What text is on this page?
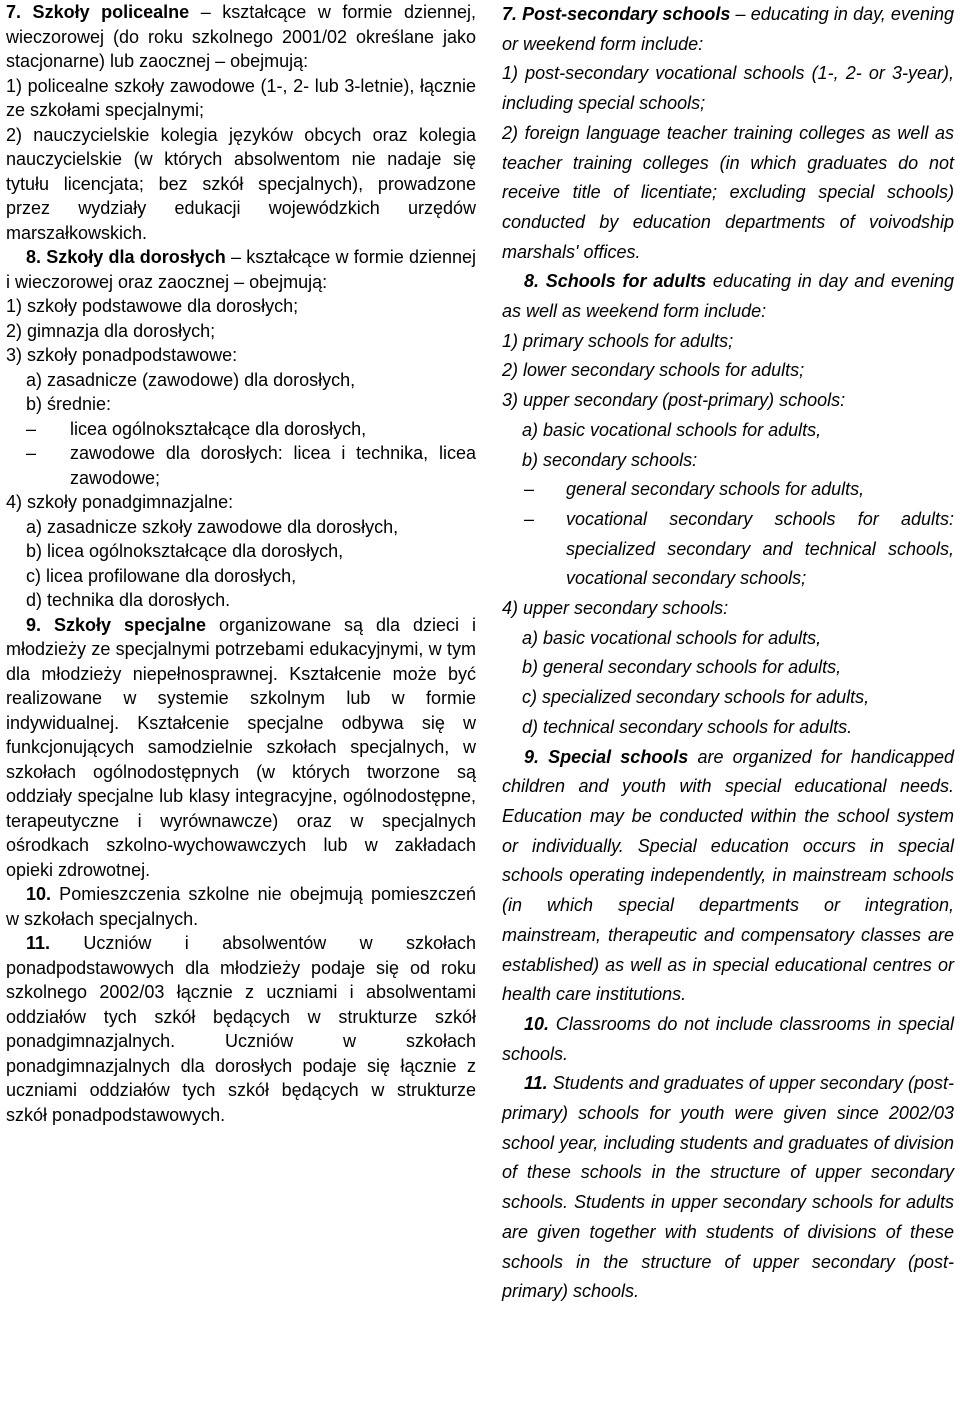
7. Szkoły policealne – kształcące w formie dziennej, wieczorowej (do roku szkolnego 2001/02 określane jako stacjonarne) lub zaocznej – obejmują:

1) policealne szkoły zawodowe (1-, 2- lub 3-letnie), łącznie ze szkołami specjalnymi;

2) nauczycielskie kolegia języków obcych oraz kolegia nauczycielskie (w których absolwentom nie nadaje się tytułu licencjata; bez szkół specjalnych), prowadzone przez wydziały edukacji wojewódzkich urzędów marszałkowskich.

8. Szkoły dla dorosłych – kształcące w formie dziennej i wieczorowej oraz zaocznej – obejmują:

1) szkoły podstawowe dla dorosłych;

2) gimnazja dla dorosłych;

3) szkoły ponadpodstawowe:

a) zasadnicze (zawodowe) dla dorosłych,

b) średnie:

– licea ogólnokształcące dla dorosłych,

– zawodowe dla dorosłych: licea i technika, licea zawodowe;

4) szkoły ponadgimnazjalne:

a) zasadnicze szkoły zawodowe dla dorosłych,

b) licea ogólnokształcące dla dorosłych,

c) licea profilowane dla dorosłych,

d) technika dla dorosłych.

9. Szkoły specjalne organizowane są dla dzieci i młodzieży ze specjalnymi potrzebami edukacyjnymi, w tym dla młodzieży niepełnosprawnej. Kształcenie może być realizowane w systemie szkolnym lub w formie indywidualnej. Kształcenie specjalne odbywa się w funkcjonujących samodzielnie szkołach specjalnych, w szkołach ogólnodostępnych (w których tworzone są oddziały specjalne lub klasy integracyjne, ogólnodostępne, terapeutyczne i wyrównawcze) oraz w specjalnych ośrodkach szkolno-wychowawczych lub w zakładach opieki zdrowotnej.

10. Pomieszczenia szkolne nie obejmują pomieszczeń w szkołach specjalnych.

11. Uczniów i absolwentów w szkołach ponadpodstawowych dla młodzieży podaje się od roku szkolnego 2002/03 łącznie z uczniami i absolwentami oddziałów tych szkół będących w strukturze szkół ponadgimnazjalnych. Uczniów w szkołach ponadgimnazjalnych dla dorosłych podaje się łącznie z uczniami oddziałów tych szkół będących w strukturze szkół ponadpodstawowych.

7. Post-secondary schools – educating in day, evening or weekend form include:

1) post-secondary vocational schools (1-, 2- or 3-year), including special schools;

2) foreign language teacher training colleges as well as teacher training colleges (in which graduates do not receive title of licentiate; excluding special schools) conducted by education departments of voivodship marshals' offices.

8. Schools for adults educating in day and evening as well as weekend form include:

1) primary schools for adults;

2) lower secondary schools for adults;

3) upper secondary (post-primary) schools:

a) basic vocational schools for adults,

b) secondary schools:

– general secondary schools for adults,

– vocational secondary schools for adults: specialized secondary and technical schools, vocational secondary schools;

4) upper secondary schools:

a) basic vocational schools for adults,

b) general secondary schools for adults,

c) specialized secondary schools for adults,

d) technical secondary schools for adults.

9. Special schools are organized for handicapped children and youth with special educational needs. Education may be conducted within the school system or individually. Special education occurs in special schools operating independently, in mainstream schools (in which special departments or integration, mainstream, therapeutic and compensatory classes are established) as well as in special educational centres or health care institutions.

10. Classrooms do not include classrooms in special schools.

11. Students and graduates of upper secondary (post-primary) schools for youth were given since 2002/03 school year, including students and graduates of division of these schools in the structure of upper secondary schools. Students in upper secondary schools for adults are given together with students of divisions of these schools in the structure of upper secondary (post-primary) schools.
